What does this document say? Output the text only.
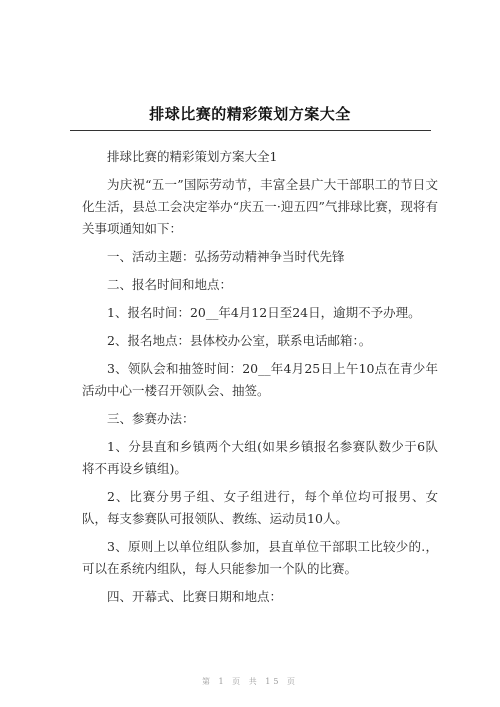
排球比赛的精彩策划方案大全

排球比赛的精彩策划方案大全1

为庆祝“五一”国际劳动节，丰富全县广大干部职工的节日文化生活，县总工会决定举办“庆五一·迎五四”气排球比赛，现将有关事项通知如下：

一、活动主题：弘扬劳动精神争当时代先锋

二、报名时间和地点：

1、报名时间：20__年4月12日至24日，逾期不予办理。

2、报名地点：县体校办公室，联系电话邮箱：。

3、领队会和抽签时间：20__年4月25日上午10点在青少年活动中心一楼召开领队会、抽签。

三、参赛办法：

1、分县直和乡镇两个大组(如果乡镇报名参赛队数少于6队将不再设乡镇组)。

2、比赛分男子组、女子组进行，每个单位均可报男、女队，每支参赛队可报领队、教练、运动员10人。

3、原则上以单位组队参加，县直单位干部职工比较少的.，可以在系统内组队，每人只能参加一个队的比赛。

四、开幕式、比赛日期和地点：

第 1 页 共 15 页
